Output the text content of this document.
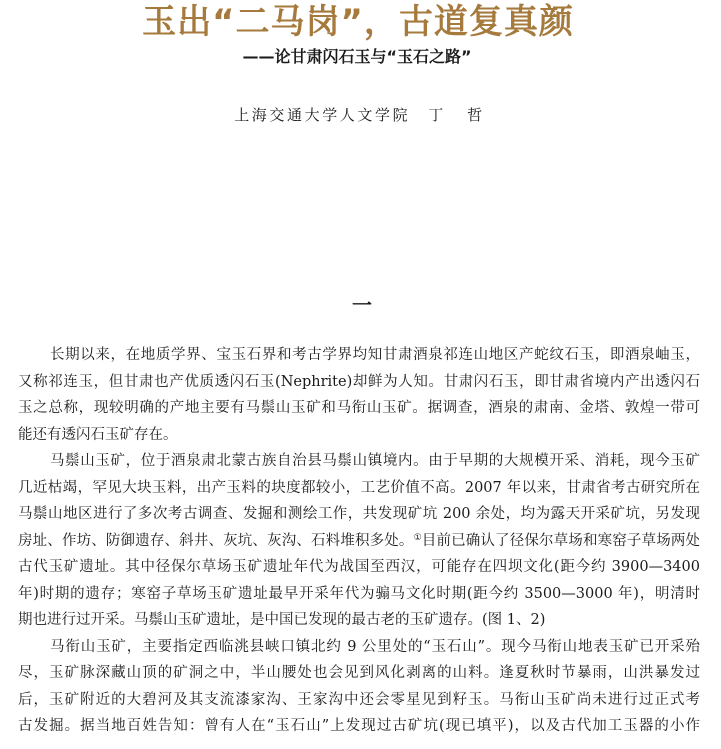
玉出“二马岗”，古道复真颜
——论甘肃闪石玉与“玉石之路”
上海交通大学人文学院 丁 哲
一
长期以来，在地质学界、宝玉石界和考古学界均知甘肃酒泉祁连山地区产蛇纹石玉，即酒泉岫玉，
又称祁连玉，但甘肃也产优质透闪石玉(Nephrite)却鲜为人知。甘肃闪石玉，即甘肃省境内产出透闪石
玉之总称，现较明确的产地主要有马鬃山玉矿和马衔山玉矿。据调查，酒泉的肃南、金塔、敦煌一带可
能还有透闪石玉矿存在。
马鬃山玉矿，位于酒泉肃北蒙古族自治县马鬃山镇境内。由于早期的大规模开采、消耗，现今玉矿
几近枯竭，罕见大块玉料，出产玉料的块度都较小，工艺价值不高。2007 年以来，甘肃省考古研究所在
马鬃山地区进行了多次考古调查、发掘和测绘工作，共发现矿坑 200 余处，均为露天开采矿坑，另发现
房址、作坊、防御遗存、斜井、灰坑、灰沟、石料堆积多处。①目前已确认了径保尔草场和寒窑子草场两处
古代玉矿遗址。其中径保尔草场玉矿遗址年代为战国至西汉，可能存在四坝文化(距今约 3900—3400
年)时期的遗存；寒窑子草场玉矿遗址最早开采年代为骟马文化时期(距今约 3500—3000 年)，明清时
期也进行过开采。马鬃山玉矿遗址，是中国已发现的最古老的玉矿遗存。(图 1、2)
马衔山玉矿，主要指定西临洮县峡口镇北约 9 公里处的“玉石山”。现今马衔山地表玉矿已开采殆
尽，玉矿脉深藏山顶的矿洞之中，半山腰处也会见到风化剥离的山料。逢夏秋时节暴雨，山洪暴发过
后，玉矿附近的大碧河及其支流漆家沟、王家沟中还会零星见到籽玉。马衔山玉矿尚未进行过正式考
古发掘。据当地百姓告知：曾有人在“玉石山”上发现过古矿坑(现已填平)，以及古代加工玉器的小作
